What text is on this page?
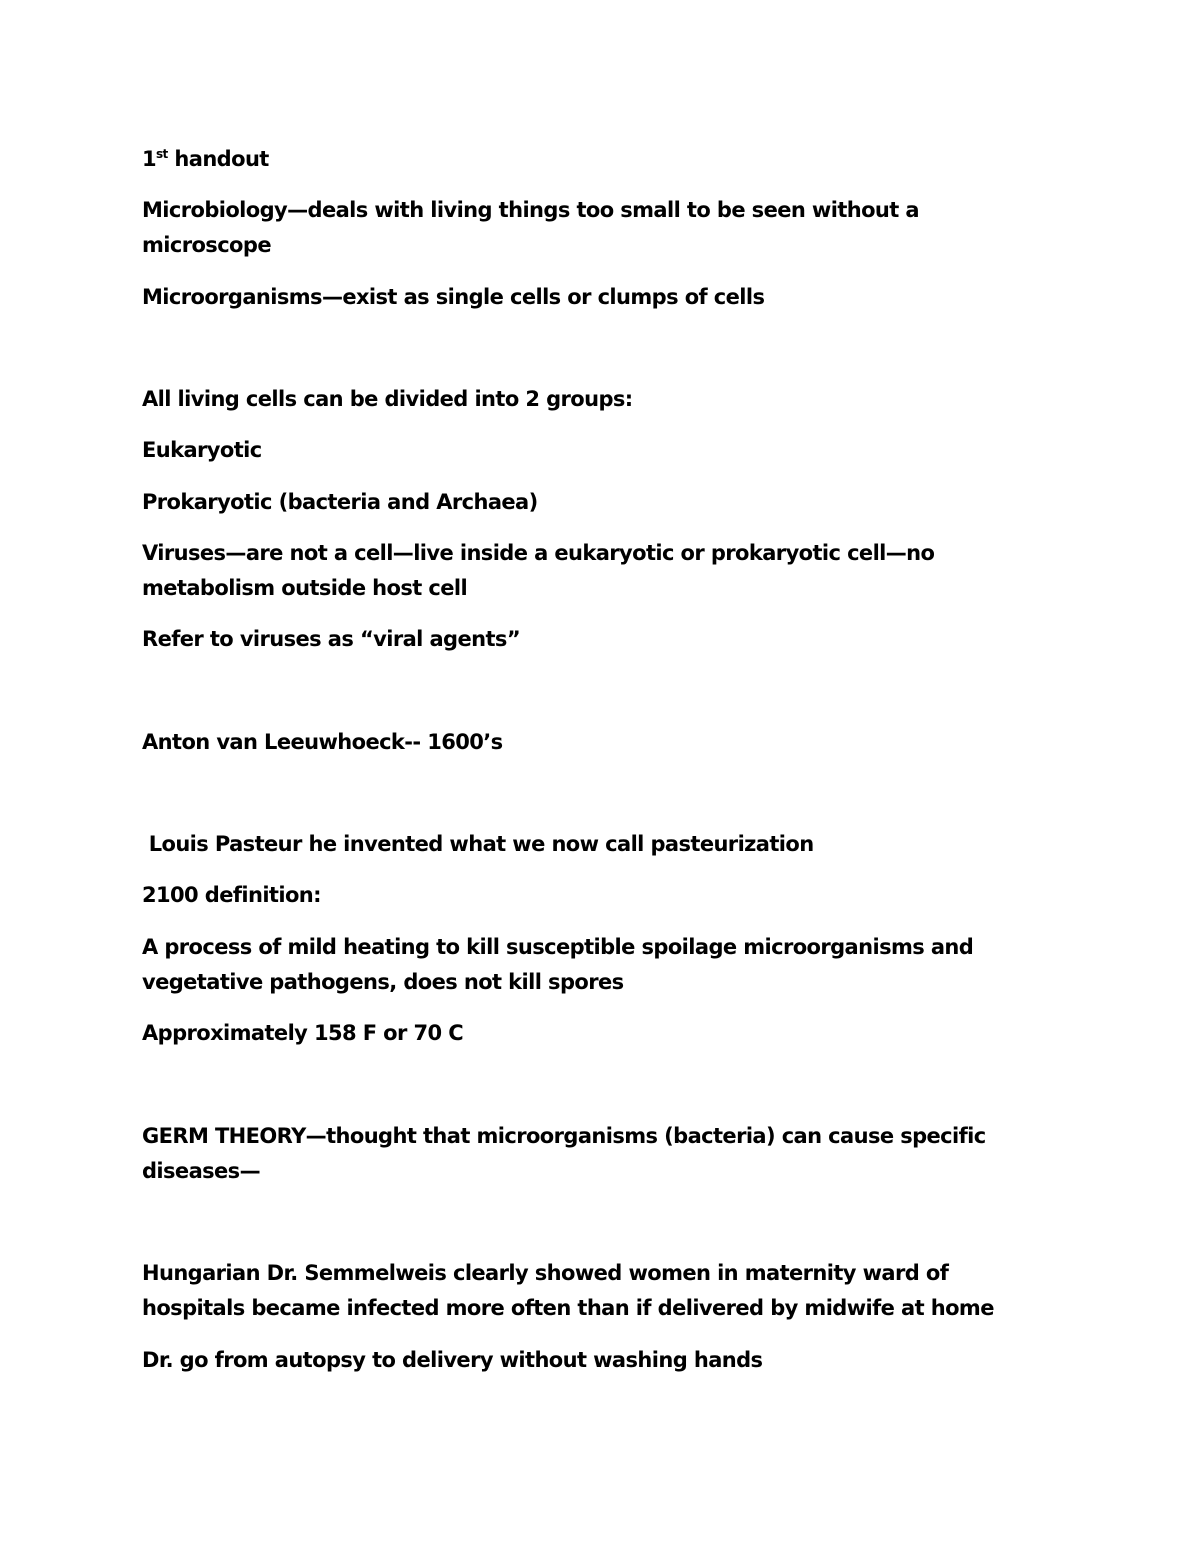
1st handout

Microbiology—deals with living things too small to be seen without a

microscope

Microorganisms—exist as single cells or clumps of cells

All living cells can be divided into 2 groups:

Eukaryotic

Prokaryotic (bacteria and Archaea)

Viruses—are not a cell—live inside a eukaryotic or prokaryotic cell—no

metabolism outside host cell

Refer to viruses as “viral agents”

Anton van Leeuwhoeck-- 1600’s

Louis Pasteur he invented what we now call pasteurization

2100 definition:

A process of mild heating to kill susceptible spoilage microorganisms and

vegetative pathogens, does not kill spores

Approximately 158 F or 70 C

GERM THEORY—thought that microorganisms (bacteria) can cause specific

diseases—

Hungarian Dr. Semmelweis clearly showed women in maternity ward of

hospitals became infected more often than if delivered by midwife at home

Dr. go from autopsy to delivery without washing hands
